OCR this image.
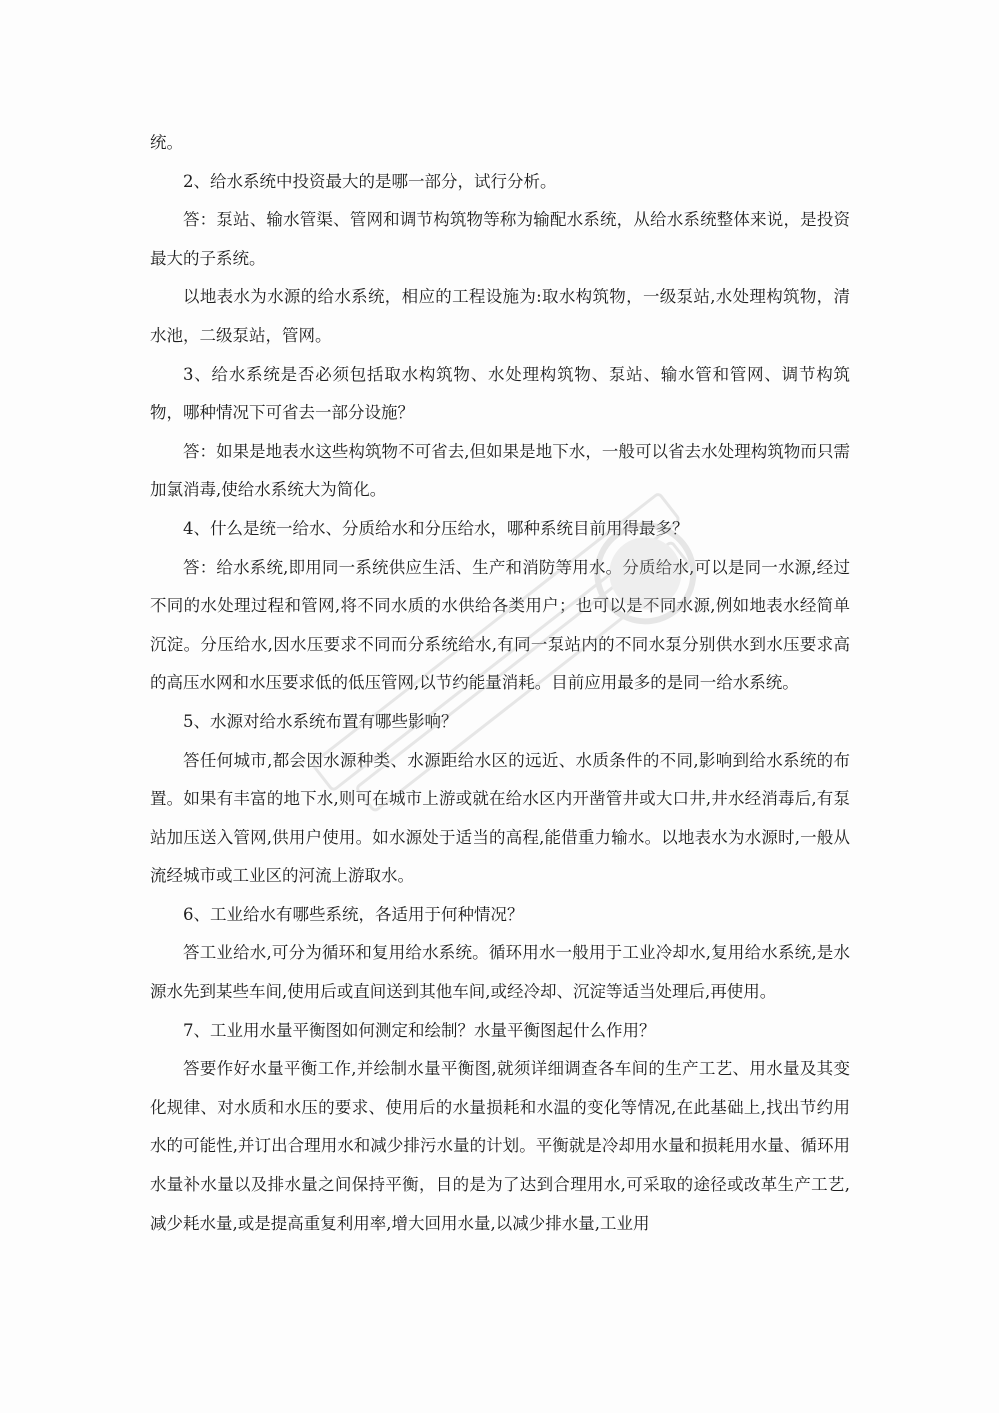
统。

2、给水系统中投资最大的是哪一部分，试行分析。

答：泵站、输水管渠、管网和调节构筑物等称为输配水系统，从给水系统整体来说，是投资最大的子系统。

以地表水为水源的给水系统，相应的工程设施为:取水构筑物，一级泵站,水处理构筑物，清水池，二级泵站，管网。

3、给水系统是否必须包括取水构筑物、水处理构筑物、泵站、输水管和管网、调节构筑物，哪种情况下可省去一部分设施？

答：如果是地表水这些构筑物不可省去,但如果是地下水，一般可以省去水处理构筑物而只需加氯消毒,使给水系统大为简化。

4、什么是统一给水、分质给水和分压给水，哪种系统目前用得最多？

答：给水系统,即用同一系统供应生活、生产和消防等用水。分质给水,可以是同一水源,经过不同的水处理过程和管网,将不同水质的水供给各类用户；也可以是不同水源,例如地表水经简单沉淀。分压给水,因水压要求不同而分系统给水,有同一泵站内的不同水泵分别供水到水压要求高的高压水网和水压要求低的低压管网,以节约能量消耗。目前应用最多的是同一给水系统。

5、水源对给水系统布置有哪些影响？

答任何城市,都会因水源种类、水源距给水区的远近、水质条件的不同,影响到给水系统的布置。如果有丰富的地下水,则可在城市上游或就在给水区内开凿管井或大口井,井水经消毒后,有泵站加压送入管网,供用户使用。如水源处于适当的高程,能借重力输水。以地表水为水源时,一般从流经城市或工业区的河流上游取水。

6、工业给水有哪些系统，各适用于何种情况？

答工业给水,可分为循环和复用给水系统。循环用水一般用于工业冷却水,复用给水系统,是水源水先到某些车间,使用后或直间送到其他车间,或经冷却、沉淀等适当处理后,再使用。

7、工业用水量平衡图如何测定和绘制？水量平衡图起什么作用？

答要作好水量平衡工作,并绘制水量平衡图,就须详细调查各车间的生产工艺、用水量及其变化规律、对水质和水压的要求、使用后的水量损耗和水温的变化等情况,在此基础上,找出节约用水的可能性,并订出合理用水和减少排污水量的计划。平衡就是冷却用水量和损耗用水量、循环用水量补水量以及排水量之间保持平衡，目的是为了达到合理用水,可采取的途径或改革生产工艺,减少耗水量,或是提高重复利用率,增大回用水量,以减少排水量,工业用
